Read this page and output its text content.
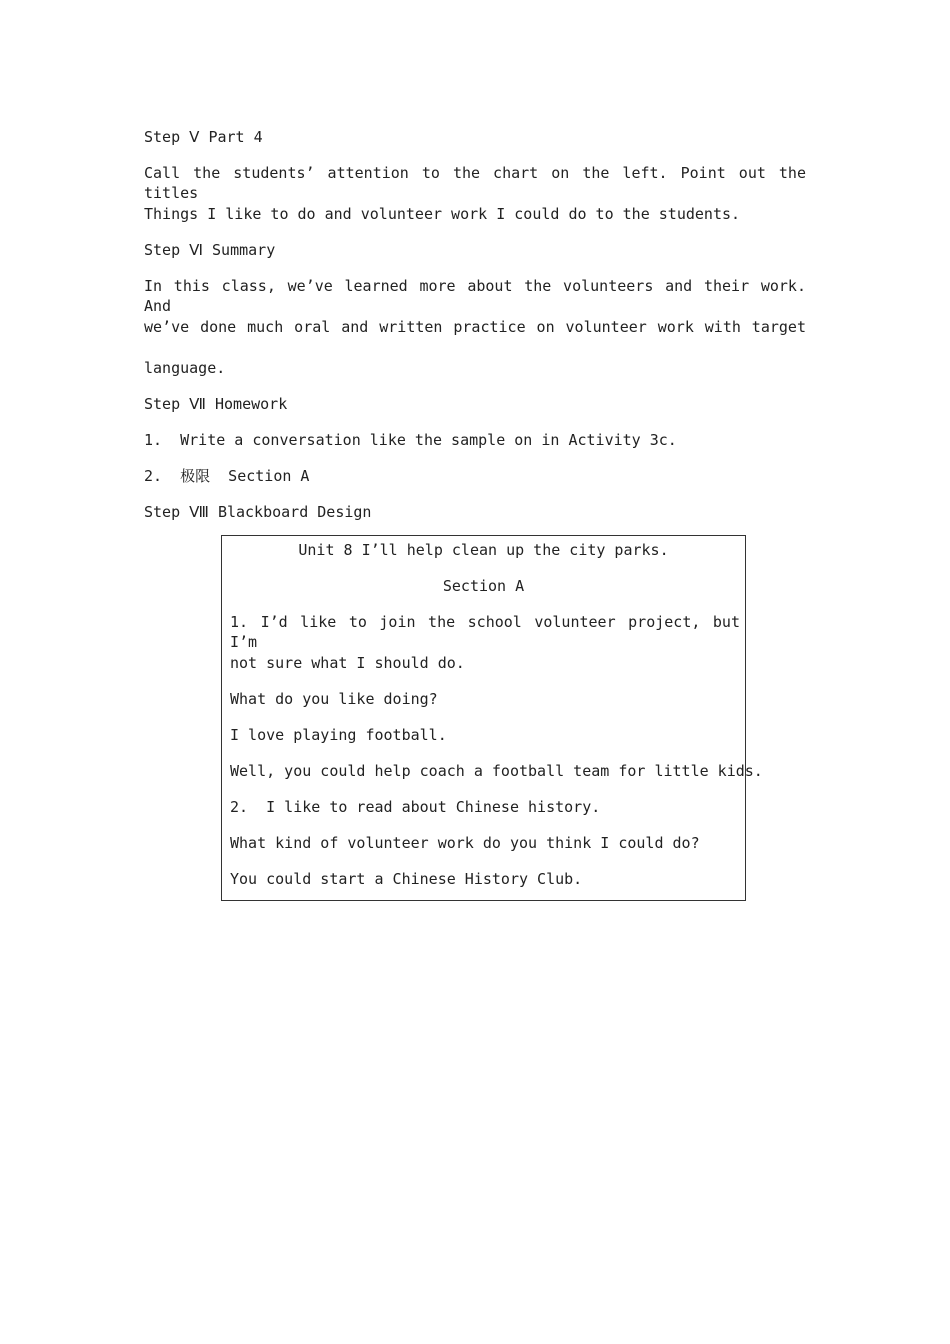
Step Ⅴ Part 4
Call the students’ attention to the chart on the left. Point out the titles
Things I like to do and volunteer work I could do to the students.
Step Ⅵ Summary
In this class, we’ve learned more about the volunteers and their work. And
we’ve done much oral and written practice on volunteer work with target
language.
Step Ⅶ Homework
1.  Write a conversation like the sample on in Activity 3c.
2.  极限  Section A
Step Ⅷ Blackboard Design
Unit 8 I’ll help clean up the city parks.
Section A
1. I’d like to join the school volunteer project, but I’m
not sure what I should do.
What do you like doing?
I love playing football.
Well, you could help coach a football team for little kids.
2.  I like to read about Chinese history.
What kind of volunteer work do you think I could do?
You could start a Chinese History Club.
